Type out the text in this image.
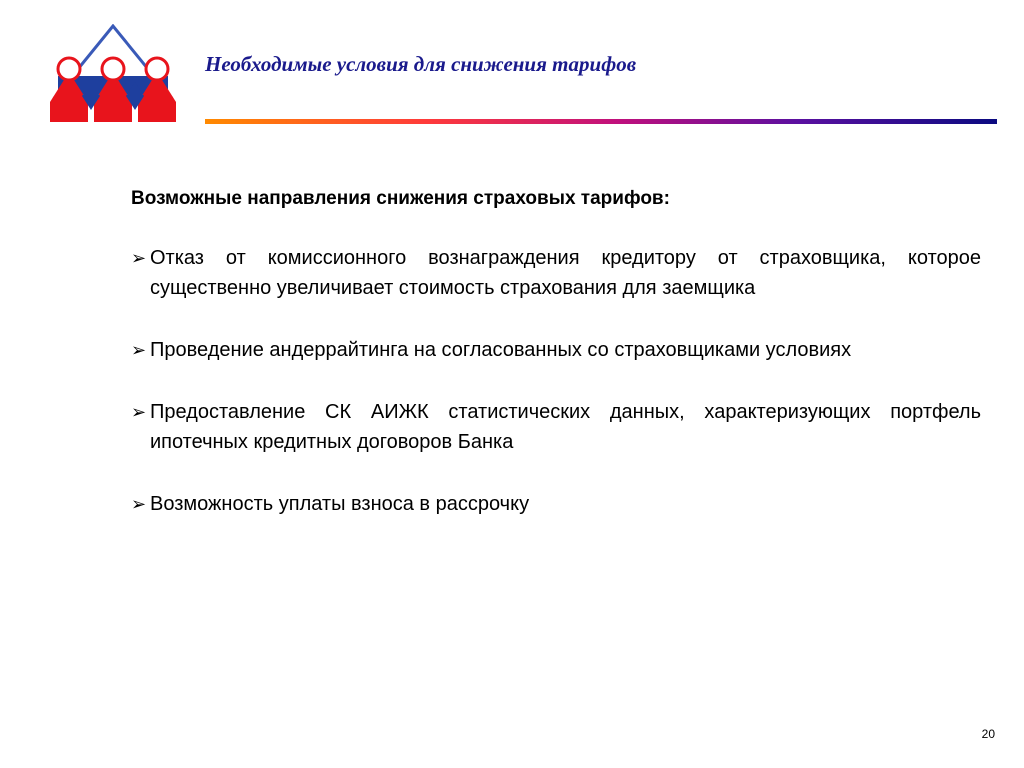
Необходимые условия для снижения тарифов
Возможные направления снижения страховых тарифов:
➢ Отказ от комиссионного вознаграждения кредитору от страховщика, которое существенно увеличивает стоимость страхования для заемщика
➢ Проведение андеррайтинга на согласованных со страховщиками условиях
➢ Предоставление СК АИЖК статистических данных, характеризующих портфель ипотечных кредитных договоров Банка
➢ Возможность уплаты взноса в рассрочку
20
